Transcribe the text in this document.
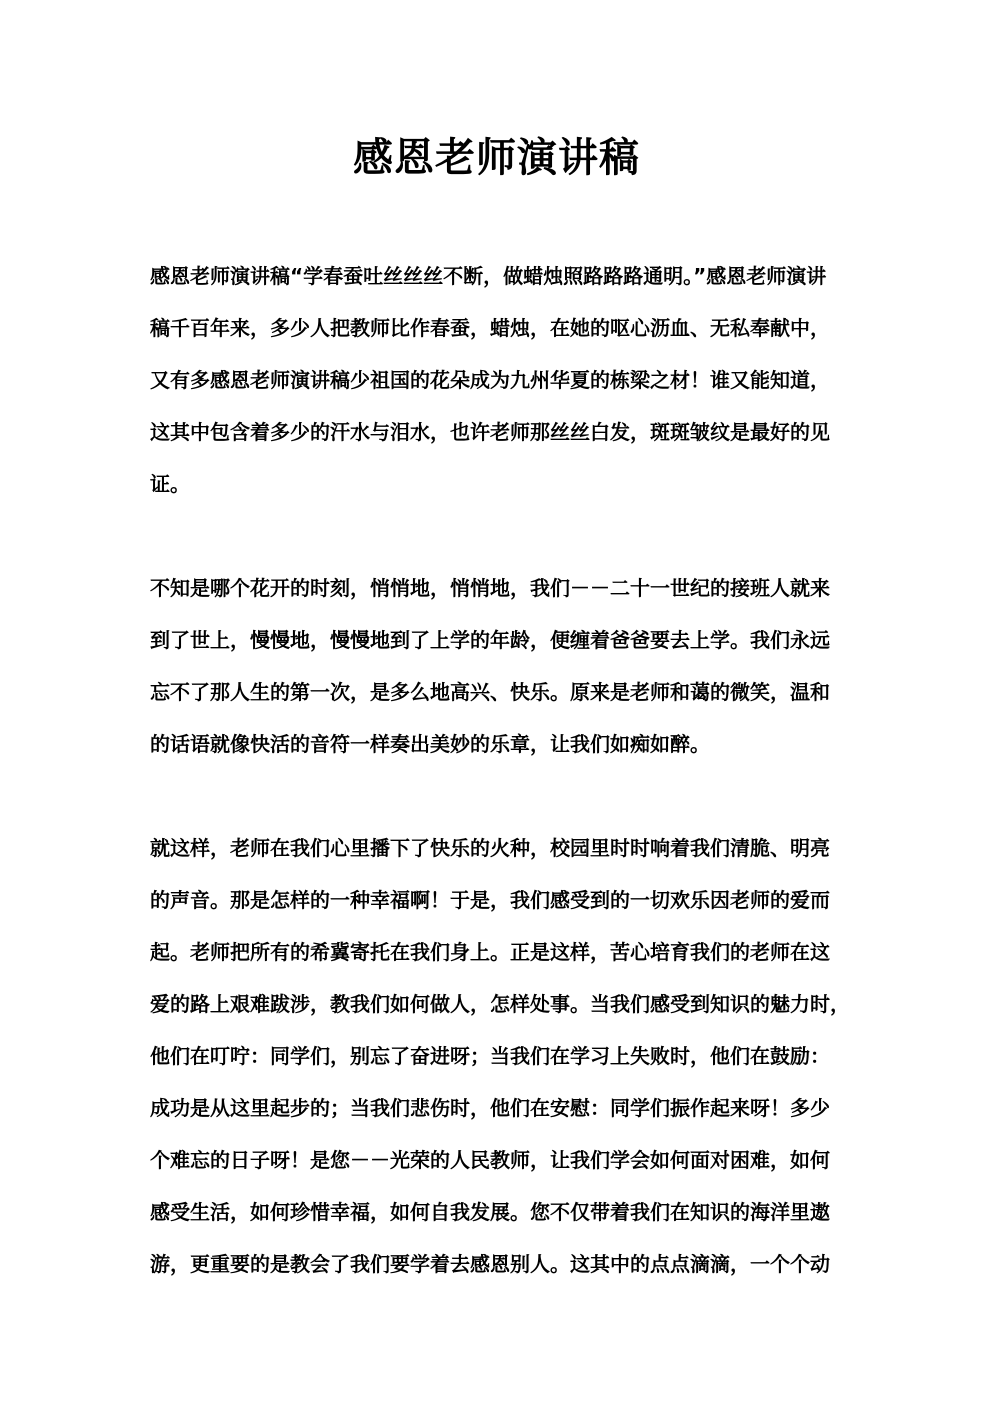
感恩老师演讲稿

感恩老师演讲稿“学春蚕吐丝丝丝不断，做蜡烛照路路路通明。”感恩老师演讲
稿千百年来，多少人把教师比作春蚕，蜡烛，在她的呕心沥血、无私奉献中，
又有多感恩老师演讲稿少祖国的花朵成为九州华夏的栋梁之材！谁又能知道，
这其中包含着多少的汗水与泪水，也许老师那丝丝白发，斑斑皱纹是最好的见
证。

不知是哪个花开的时刻，悄悄地，悄悄地，我们－－二十一世纪的接班人就来
到了世上，慢慢地，慢慢地到了上学的年龄，便缠着爸爸要去上学。我们永远
忘不了那人生的第一次，是多么地高兴、快乐。原来是老师和蔼的微笑，温和
的话语就像快活的音符一样奏出美妙的乐章，让我们如痴如醉。

就这样，老师在我们心里播下了快乐的火种，校园里时时响着我们清脆、明亮
的声音。那是怎样的一种幸福啊！于是，我们感受到的一切欢乐因老师的爱而
起。老师把所有的希冀寄托在我们身上。正是这样，苦心培育我们的老师在这
爱的路上艰难跋涉，教我们如何做人，怎样处事。当我们感受到知识的魅力时，
他们在叮咛：同学们，别忘了奋进呀；当我们在学习上失败时，他们在鼓励：
成功是从这里起步的；当我们悲伤时，他们在安慰：同学们振作起来呀！多少
个难忘的日子呀！是您－－光荣的人民教师，让我们学会如何面对困难，如何
感受生活，如何珍惜幸福，如何自我发展。您不仅带着我们在知识的海洋里遨
游，更重要的是教会了我们要学着去感恩别人。这其中的点点滴滴，一个个动
